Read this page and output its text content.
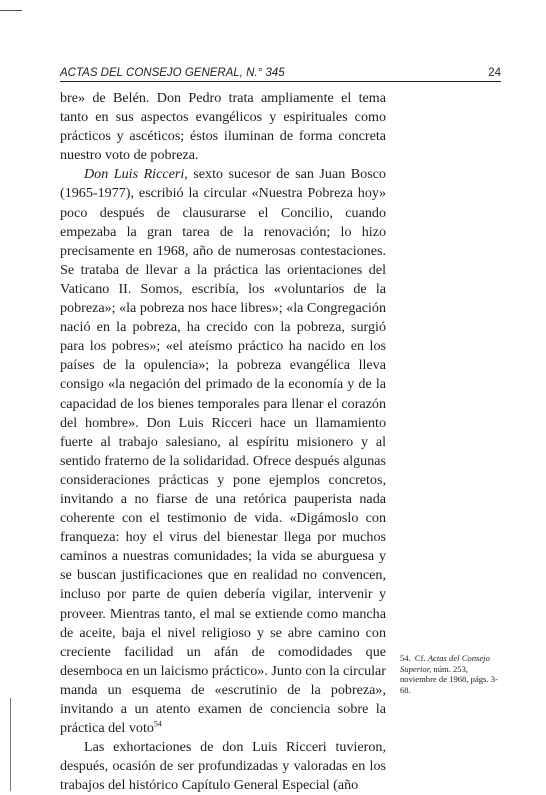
ACTAS DEL CONSEJO GENERAL, N.° 345	24

bre» de Belén. Don Pedro trata ampliamente el tema tanto en sus aspectos evangélicos y espirituales como prácticos y ascéticos; éstos iluminan de forma concreta nuestro voto de pobreza.

Don Luis Ricceri, sexto sucesor de san Juan Bosco (1965-1977), escribió la circular «Nuestra Pobreza hoy» poco después de clausurarse el Concilio, cuando empezaba la gran tarea de la renovación; lo hizo precisamente en 1968, año de numerosas contestaciones. Se trataba de llevar a la práctica las orientaciones del Vaticano II. Somos, escribía, los «voluntarios de la pobreza»; «la pobreza nos hace libres»; «la Congregación nació en la pobreza, ha crecido con la pobreza, surgió para los pobres»; «el ateísmo práctico ha nacido en los países de la opulencia»; la pobreza evangélica lleva consigo «la negación del primado de la economía y de la capacidad de los bienes temporales para llenar el corazón del hombre». Don Luis Ricceri hace un llamamiento fuerte al trabajo salesiano, al espíritu misionero y al sentido fraterno de la solidaridad. Ofrece después algunas consideraciones prácticas y pone ejemplos concretos, invitando a no fiarse de una retórica pauperista nada coherente con el testimonio de vida. «Digámoslo con franqueza: hoy el virus del bienestar llega por muchos caminos a nuestras comunidades; la vida se aburguesa y se buscan justificaciones que en realidad no convencen, incluso por parte de quien debería vigilar, intervenir y proveer. Mientras tanto, el mal se extiende como mancha de aceite, baja el nivel religioso y se abre camino con creciente facilidad un afán de comodidades que desemboca en un laicismo práctico». Junto con la circular manda un esquema de «escrutinio de la pobreza», invitando a un atento examen de conciencia sobre la práctica del voto$^{54}$

Las exhortaciones de don Luis Ricceri tuvieron, después, ocasión de ser profundizadas y valoradas en los trabajos del histórico Capítulo General Especial (año

54. Cf. Actas del Consejo Superior, núm. 253, noviembre de 1968, págs. 3-68.
